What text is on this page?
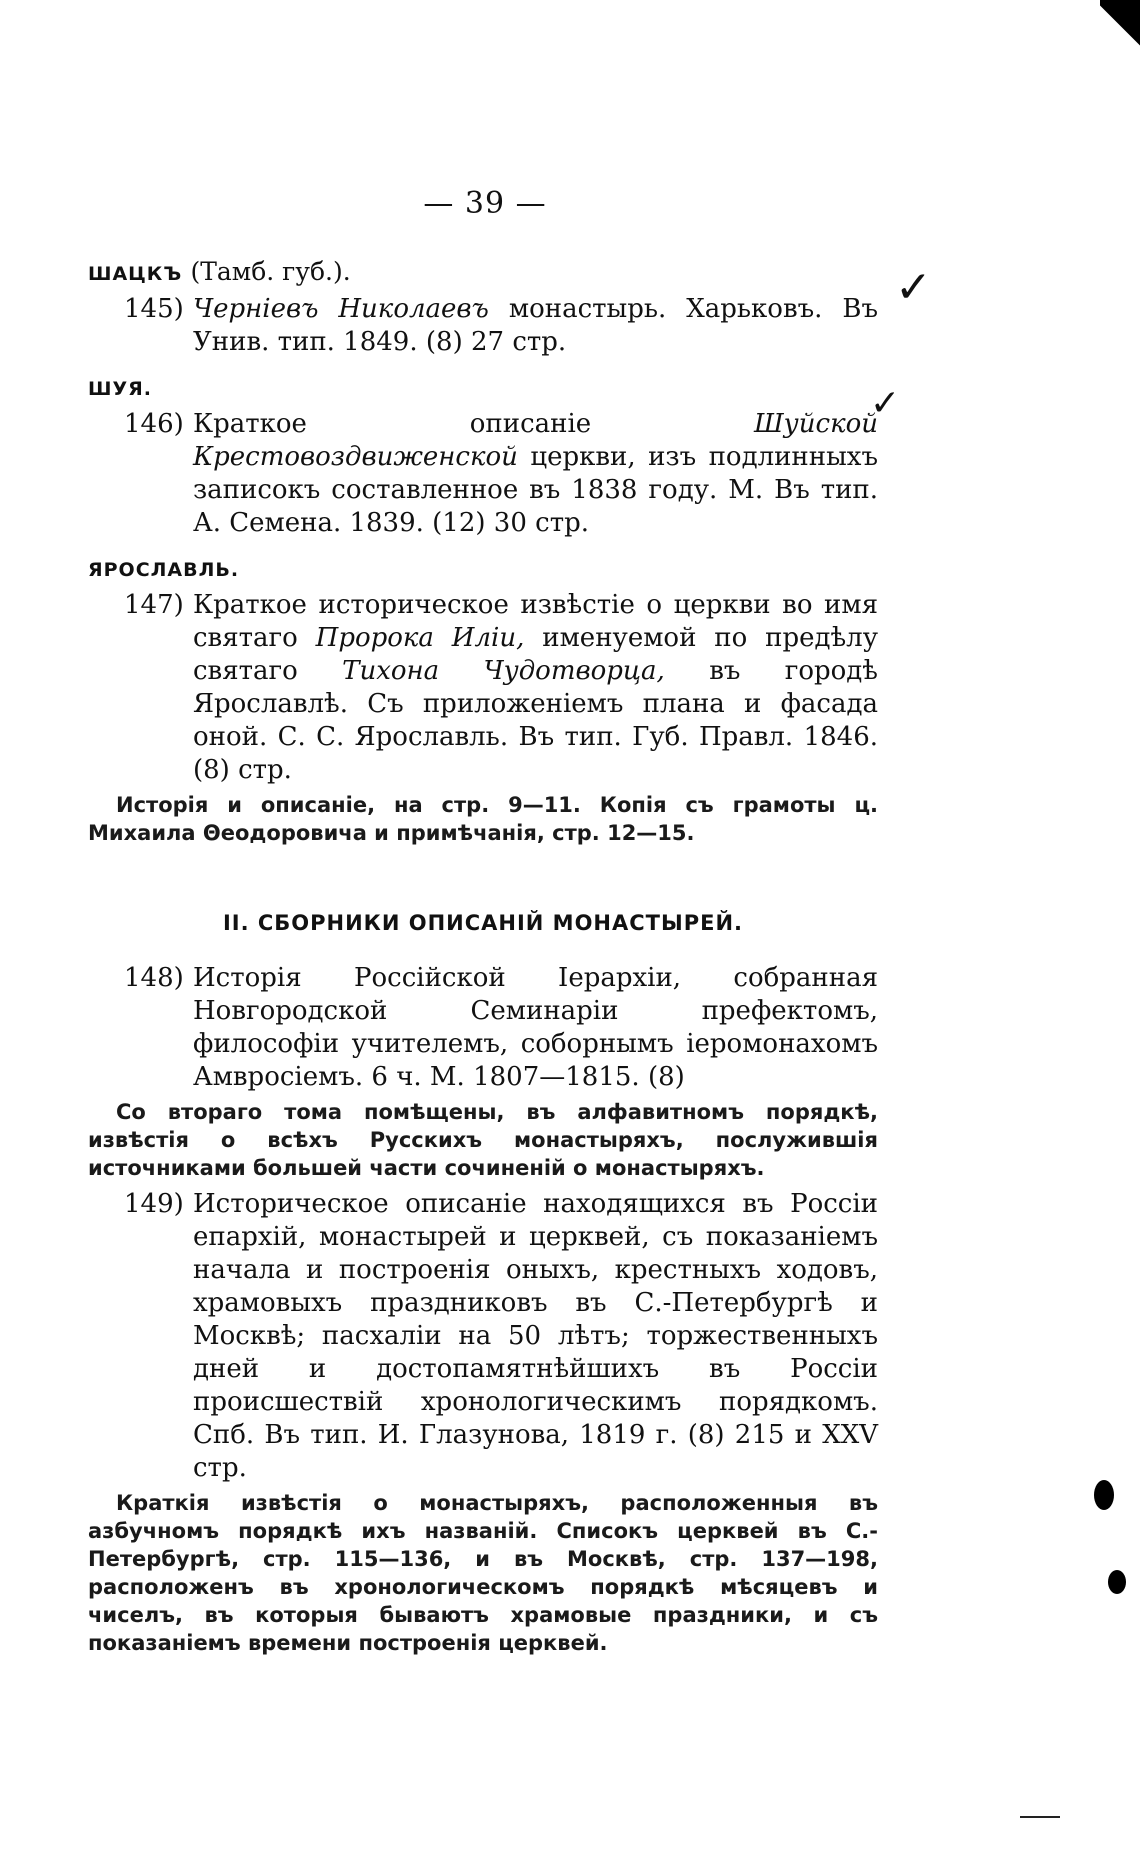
— 39 —
ШАЦКЪ (Тамб. губ.).
145) Черніевъ Николаевъ монастырь. Харьковъ. Въ Унив. тип. 1849. (8) 27 стр.
ШУЯ.
146) Краткое описаніе	Шуйской Крестовоздвиженской церкви, изъ подлинныхъ записокъ составленное въ 1838 году. М. Въ тип. А. Семена. 1839. (12) 30 стр.
ЯРОСЛАВЛЬ.
147) Краткое историческое извѣстіе о церкви во имя святаго Пророка Иліи, именуемой по предѣлу святаго Тихона Чудотворца, въ городѣ Ярославлѣ. Съ приложеніемъ плана и фасада оной. С. С. Ярославль. Въ тип. Губ. Правл. 1846. (8) стр.
Исторія и описаніе, на стр. 9—11. Копія съ грамоты ц. Михаила Θеодоровича и примѣчанія, стр. 12—15.
II. СБОРНИКИ ОПИСАНІЙ МОНАСТЫРЕЙ.
148) Исторія Россійской Іерархіи, собранная Новгородской Семинаріи префектомъ, философіи учителемъ, соборнымъ іеромонахомъ Амвросіемъ. 6 ч. М. 1807—1815. (8)
Со втораго тома помѣщены, въ алфавитномъ порядкѣ, извѣстія о всѣхъ Русскихъ монастыряхъ, послужившія источниками большей части сочиненій о монастыряхъ.
149) Историческое описаніе находящихся въ Россіи епархій, монастырей и церквей, съ показаніемъ начала и построенія оныхъ, крестныхъ ходовъ, храмовыхъ праздниковъ въ С.-Петербургѣ и Москвѣ; пасхаліи на 50 лѣтъ; торжественныхъ дней и достопамятнѣйшихъ въ Россіи происшествій хронологическимъ порядкомъ. Спб. Въ тип. И. Глазунова, 1819 г. (8) 215 и XXV стр.
Краткія извѣстія о монастыряхъ, расположенныя въ азбучномъ порядкѣ ихъ названій. Списокъ церквей въ С.-Петербургѣ, стр. 115—136, и въ Москвѣ, стр. 137—198, расположенъ въ хронологическомъ порядкѣ мѣсяцевъ и чиселъ, въ которыя бываютъ храмовые праздники, и съ показаніемъ времени построенія церквей.
✓
✓
